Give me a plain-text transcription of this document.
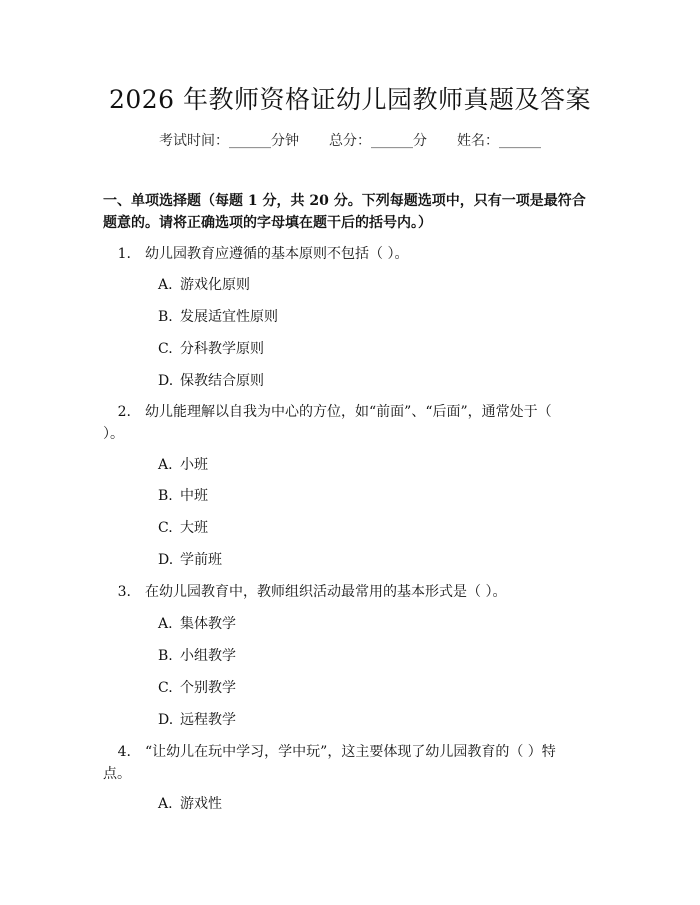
2026 年教师资格证幼儿园教师真题及答案
考试时间：______分钟 总分：______分 姓名：______
一、单项选择题（每题 1 分，共 20 分。下列每题选项中，只有一项是最符合题意的。请将正确选项的字母填在题干后的括号内。）
1. 幼儿园教育应遵循的基本原则不包括（ ）。
A. 游戏化原则
B. 发展适宜性原则
C. 分科教学原则
D. 保教结合原则
2. 幼儿能理解以自我为中心的方位，如“前面”、“后面”，通常处于（ ）。
A. 小班
B. 中班
C. 大班
D. 学前班
3. 在幼儿园教育中，教师组织活动最常用的基本形式是（ ）。
A. 集体教学
B. 小组教学
C. 个别教学
D. 远程教学
4. “让幼儿在玩中学习，学中玩”，这主要体现了幼儿园教育的（ ）特点。
A. 游戏性
